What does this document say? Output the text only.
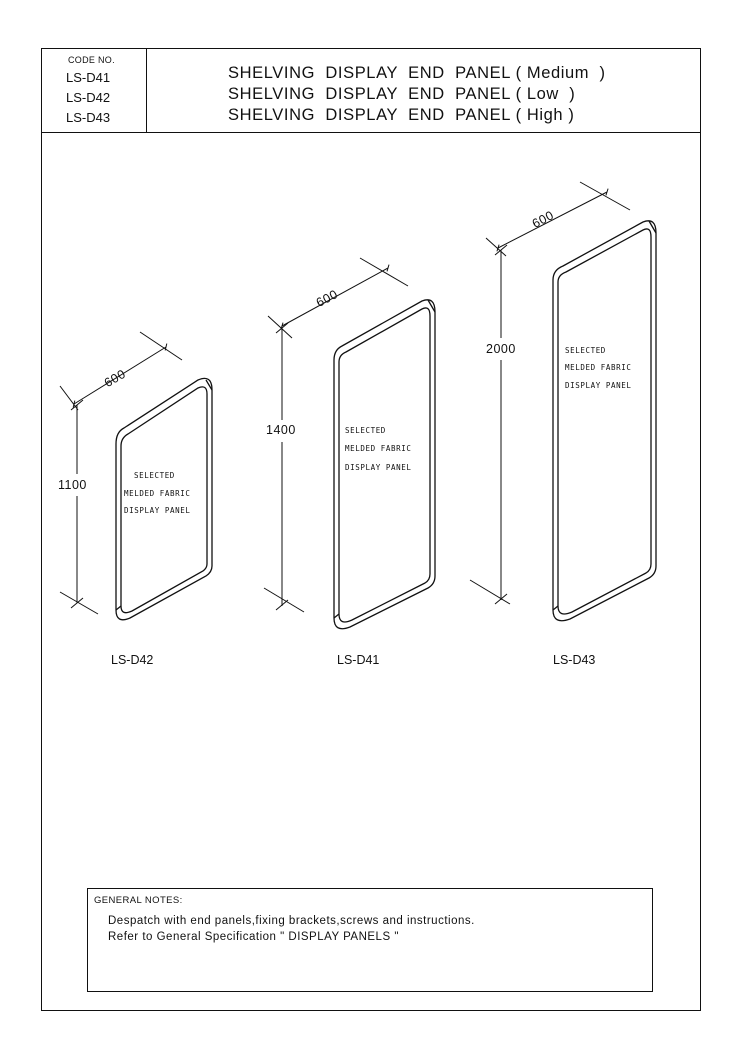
600
1100
SELECTED
MELDED FABRIC
DISPLAY PANEL
LS-D42
600
1400	SELECTED
MELDED FABRIC
DISPLAY PANEL
LS-D41
600
2000	SELECTED
MELDED FABRIC
DISPLAY PANEL
LS-D43
CODE NO.
LS-D41
LS-D42
LS-D43
SHELVING  DISPLAY  END  PANEL ( Medium  )
SHELVING  DISPLAY  END  PANEL ( Low  )
SHELVING  DISPLAY  END  PANEL ( High )
GENERAL NOTES:
Despatch with end panels,fixing brackets,screws and instructions.
Refer to General Specification " DISPLAY PANELS "
